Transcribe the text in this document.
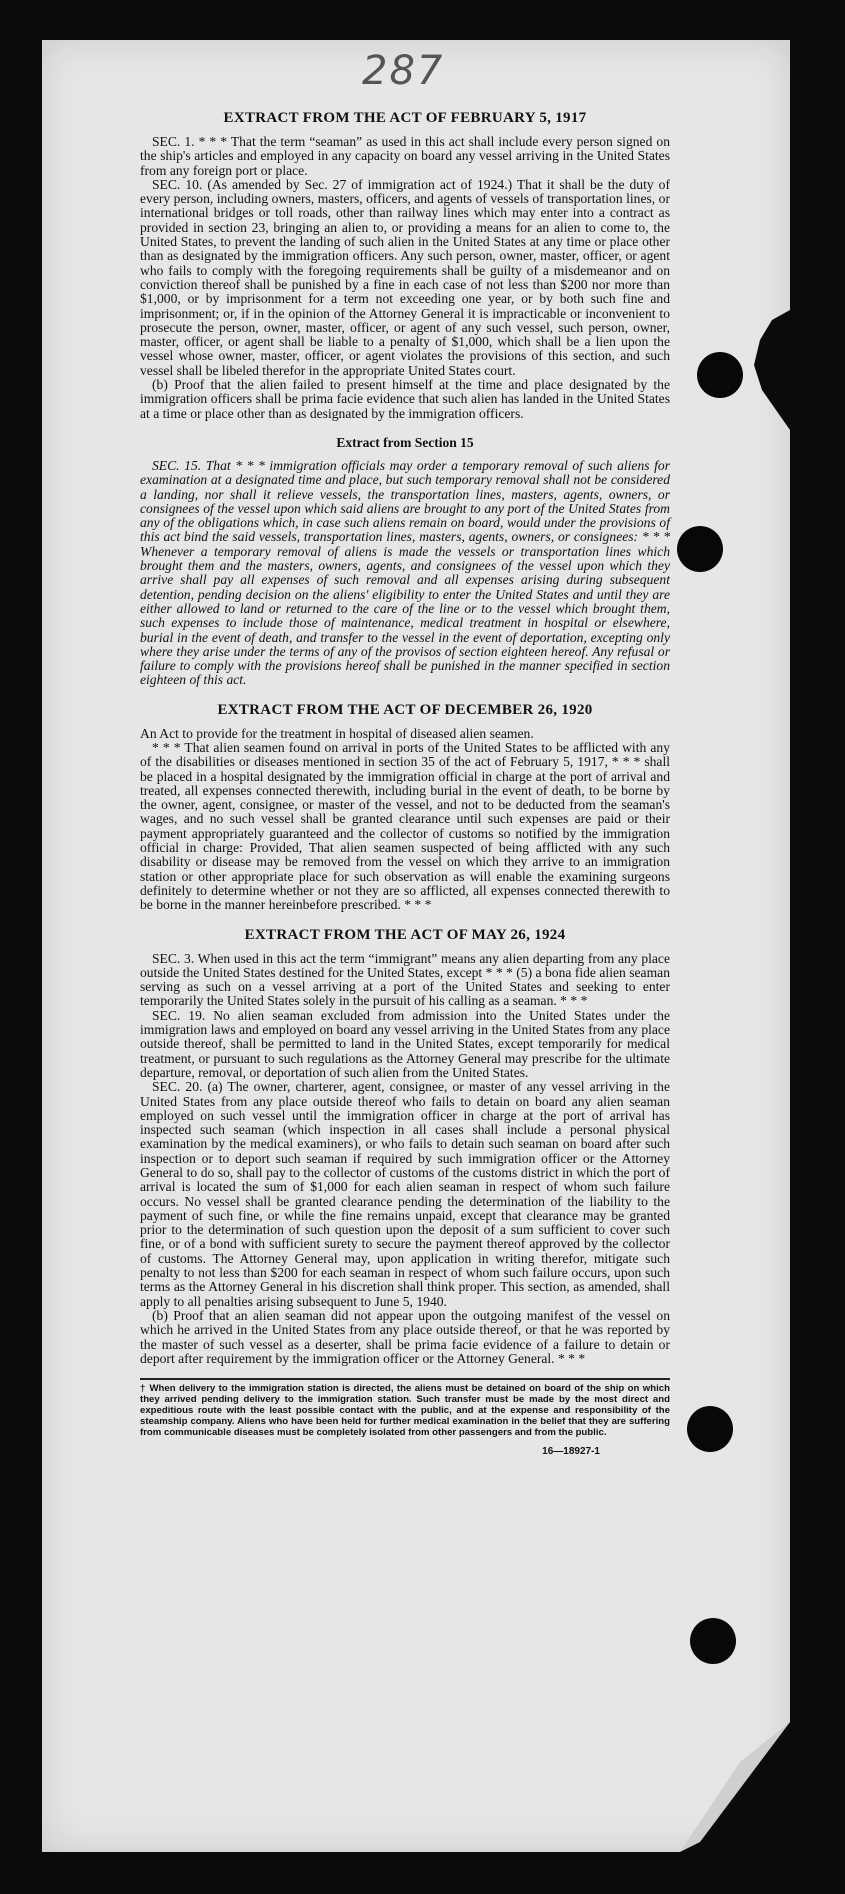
287
EXTRACT FROM THE ACT OF FEBRUARY 5, 1917

SEC. 1. * * * That the term “seaman” as used in this act shall include every person signed on the ship's articles and employed in any capacity on board any vessel arriving in the United States from any foreign port or place.

SEC. 10. (As amended by Sec. 27 of immigration act of 1924.) That it shall be the duty of every person, including owners, masters, officers, and agents of vessels of transportation lines, or international bridges or toll roads, other than railway lines which may enter into a contract as provided in section 23, bringing an alien to, or providing a means for an alien to come to, the United States, to prevent the landing of such alien in the United States at any time or place other than as designated by the immigration officers. Any such person, owner, master, officer, or agent who fails to comply with the foregoing requirements shall be guilty of a misdemeanor and on conviction thereof shall be punished by a fine in each case of not less than $200 nor more than $1,000, or by imprisonment for a term not exceeding one year, or by both such fine and imprisonment; or, if in the opinion of the Attorney General it is impracticable or inconvenient to prosecute the person, owner, master, officer, or agent of any such vessel, such person, owner, master, officer, or agent shall be liable to a penalty of $1,000, which shall be a lien upon the vessel whose owner, master, officer, or agent violates the provisions of this section, and such vessel shall be libeled therefor in the appropriate United States court.

(b) Proof that the alien failed to present himself at the time and place designated by the immigration officers shall be prima facie evidence that such alien has landed in the United States at a time or place other than as designated by the immigration officers.

Extract from Section 15

SEC. 15. That * * * immigration officials may order a temporary removal of such aliens for examination at a designated time and place, but such temporary removal shall not be considered a landing, nor shall it relieve vessels, the transportation lines, masters, agents, owners, or consignees of the vessel upon which said aliens are brought to any port of the United States from any of the obligations which, in case such aliens remain on board, would under the provisions of this act bind the said vessels, transportation lines, masters, agents, owners, or consignees: * * * Whenever a temporary removal of aliens is made the vessels or transportation lines which brought them and the masters, owners, agents, and consignees of the vessel upon which they arrive shall pay all expenses of such removal and all expenses arising during subsequent detention, pending decision on the aliens' eligibility to enter the United States and until they are either allowed to land or returned to the care of the line or to the vessel which brought them, such expenses to include those of maintenance, medical treatment in hospital or elsewhere, burial in the event of death, and transfer to the vessel in the event of deportation, excepting only where they arise under the terms of any of the provisos of section eighteen hereof. Any refusal or failure to comply with the provisions hereof shall be punished in the manner specified in section eighteen of this act.

EXTRACT FROM THE ACT OF DECEMBER 26, 1920

An Act to provide for the treatment in hospital of diseased alien seamen.

* * * That alien seamen found on arrival in ports of the United States to be afflicted with any of the disabilities or diseases mentioned in section 35 of the act of February 5, 1917, * * * shall be placed in a hospital designated by the immigration official in charge at the port of arrival and treated, all expenses connected therewith, including burial in the event of death, to be borne by the owner, agent, consignee, or master of the vessel, and not to be deducted from the seaman's wages, and no such vessel shall be granted clearance until such expenses are paid or their payment appropriately guaranteed and the collector of customs so notified by the immigration official in charge: Provided, That alien seamen suspected of being afflicted with any such disability or disease may be removed from the vessel on which they arrive to an immigration station or other appropriate place for such observation as will enable the examining surgeons definitely to determine whether or not they are so afflicted, all expenses connected therewith to be borne in the manner hereinbefore prescribed. * * *

EXTRACT FROM THE ACT OF MAY 26, 1924

SEC. 3. When used in this act the term “immigrant” means any alien departing from any place outside the United States destined for the United States, except * * * (5) a bona fide alien seaman serving as such on a vessel arriving at a port of the United States and seeking to enter temporarily the United States solely in the pursuit of his calling as a seaman. * * *

SEC. 19. No alien seaman excluded from admission into the United States under the immigration laws and employed on board any vessel arriving in the United States from any place outside thereof, shall be permitted to land in the United States, except temporarily for medical treatment, or pursuant to such regulations as the Attorney General may prescribe for the ultimate departure, removal, or deportation of such alien from the United States.

SEC. 20. (a) The owner, charterer, agent, consignee, or master of any vessel arriving in the United States from any place outside thereof who fails to detain on board any alien seaman employed on such vessel until the immigration officer in charge at the port of arrival has inspected such seaman (which inspection in all cases shall include a personal physical examination by the medical examiners), or who fails to detain such seaman on board after such inspection or to deport such seaman if required by such immigration officer or the Attorney General to do so, shall pay to the collector of customs of the customs district in which the port of arrival is located the sum of $1,000 for each alien seaman in respect of whom such failure occurs. No vessel shall be granted clearance pending the determination of the liability to the payment of such fine, or while the fine remains unpaid, except that clearance may be granted prior to the determination of such question upon the deposit of a sum sufficient to cover such fine, or of a bond with sufficient surety to secure the payment thereof approved by the collector of customs. The Attorney General may, upon application in writing therefor, mitigate such penalty to not less than $200 for each seaman in respect of whom such failure occurs, upon such terms as the Attorney General in his discretion shall think proper. This section, as amended, shall apply to all penalties arising subsequent to June 5, 1940.

(b) Proof that an alien seaman did not appear upon the outgoing manifest of the vessel on which he arrived in the United States from any place outside thereof, or that he was reported by the master of such vessel as a deserter, shall be prima facie evidence of a failure to detain or deport after requirement by the immigration officer or the Attorney General. * * *

† When delivery to the immigration station is directed, the aliens must be detained on board of the ship on which they arrived pending delivery to the immigration station. Such transfer must be made by the most direct and expeditious route with the least possible contact with the public, and at the expense and responsibility of the steamship company. Aliens who have been held for further medical examination in the belief that they are suffering from communicable diseases must be completely isolated from other passengers and from the public.
16—18927-1
